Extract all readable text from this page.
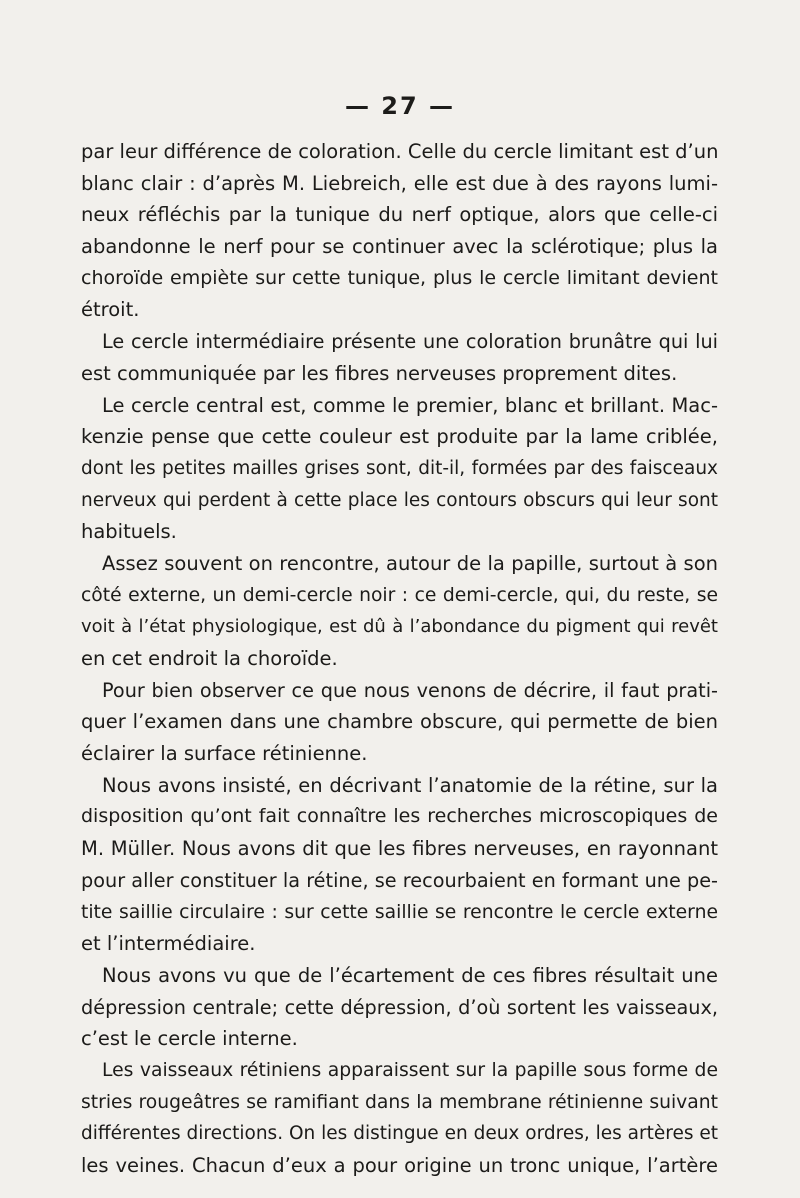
— 27 —
par leur différence de coloration. Celle du cercle limitant est d’un
blanc clair : d’après M. Liebreich, elle est due à des rayons lumi-
neux réfléchis par la tunique du nerf optique, alors que celle-ci
abandonne le nerf pour se continuer avec la sclérotique; plus la
choroïde empiète sur cette tunique, plus le cercle limitant devient
étroit.
Le cercle intermédiaire présente une coloration brunâtre qui lui
est communiquée par les fibres nerveuses proprement dites.
Le cercle central est, comme le premier, blanc et brillant. Mac-
kenzie pense que cette couleur est produite par la lame criblée,
dont les petites mailles grises sont, dit-il, formées par des faisceaux
nerveux qui perdent à cette place les contours obscurs qui leur sont
habituels.
Assez souvent on rencontre, autour de la papille, surtout à son
côté externe, un demi-cercle noir : ce demi-cercle, qui, du reste, se
voit à l’état physiologique, est dû à l’abondance du pigment qui revêt
en cet endroit la choroïde.
Pour bien observer ce que nous venons de décrire, il faut prati-
quer l’examen dans une chambre obscure, qui permette de bien
éclairer la surface rétinienne.
Nous avons insisté, en décrivant l’anatomie de la rétine, sur la
disposition qu’ont fait connaître les recherches microscopiques de
M. Müller. Nous avons dit que les fibres nerveuses, en rayonnant
pour aller constituer la rétine, se recourbaient en formant une pe-
tite saillie circulaire : sur cette saillie se rencontre le cercle externe
et l’intermédiaire.
Nous avons vu que de l’écartement de ces fibres résultait une
dépression centrale; cette dépression, d’où sortent les vaisseaux,
c’est le cercle interne.
Les vaisseaux rétiniens apparaissent sur la papille sous forme de
stries rougeâtres se ramifiant dans la membrane rétinienne suivant
différentes directions. On les distingue en deux ordres, les artères et
les veines. Chacun d’eux a pour origine un tronc unique, l’artère
